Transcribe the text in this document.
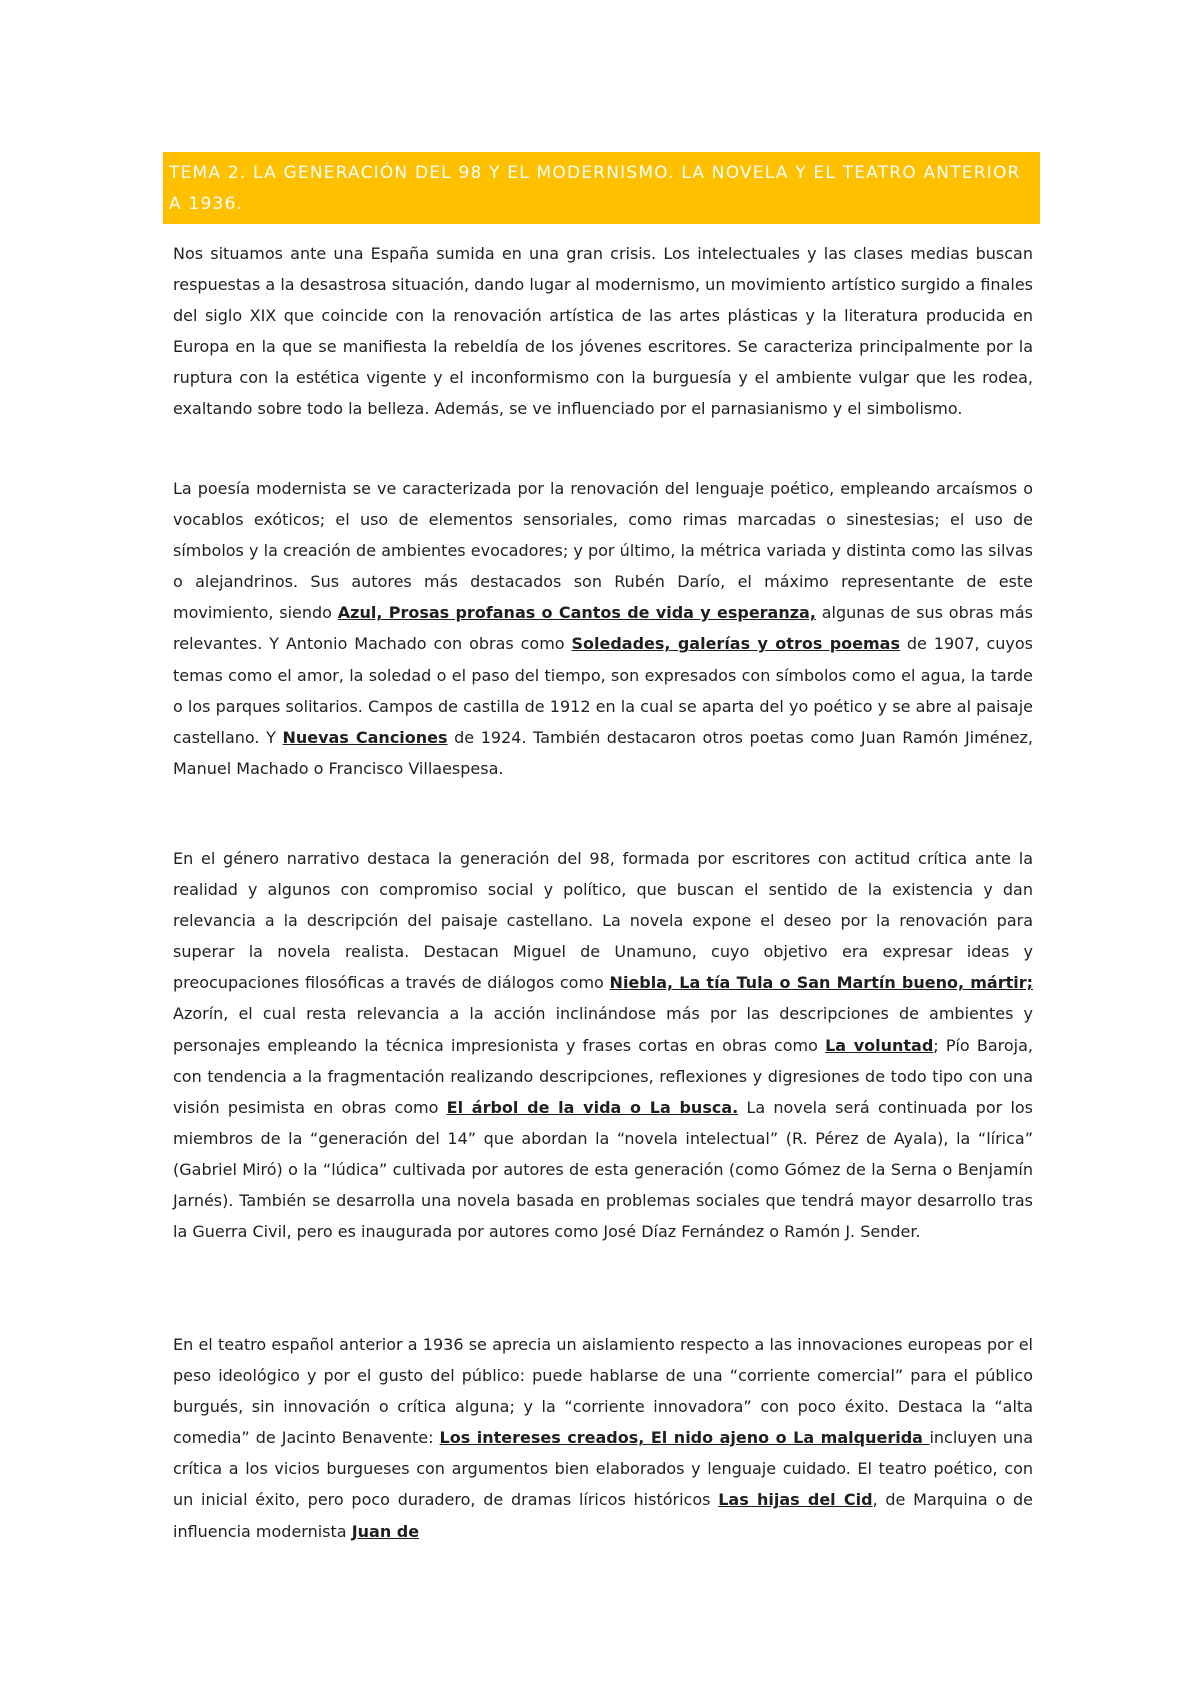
TEMA 2. LA GENERACIÓN DEL 98 Y EL MODERNISMO. LA NOVELA Y EL TEATRO ANTERIOR A 1936.
Nos situamos ante una España sumida en una gran crisis. Los intelectuales y las clases medias buscan respuestas a la desastrosa situación, dando lugar al modernismo, un movimiento artístico surgido a finales del siglo XIX que coincide con la renovación artística de las artes plásticas y la literatura producida en Europa en la que se manifiesta la rebeldía de los jóvenes escritores. Se caracteriza principalmente por la ruptura con la estética vigente y el inconformismo con la burguesía y el ambiente vulgar que les rodea, exaltando sobre todo la belleza. Además, se ve influenciado por el parnasianismo y el simbolismo.
La poesía modernista se ve caracterizada por la renovación del lenguaje poético, empleando arcaísmos o vocablos exóticos; el uso de elementos sensoriales, como rimas marcadas o sinestesias; el uso de símbolos y la creación de ambientes evocadores; y por último, la métrica variada y distinta como las silvas o alejandrinos. Sus autores más destacados son Rubén Darío, el máximo representante de este movimiento, siendo Azul, Prosas profanas o Cantos de vida y esperanza, algunas de sus obras más relevantes. Y Antonio Machado con obras como Soledades, galerías y otros poemas de 1907, cuyos temas como el amor, la soledad o el paso del tiempo, son expresados con símbolos como el agua, la tarde o los parques solitarios. Campos de castilla de 1912 en la cual se aparta del yo poético y se abre al paisaje castellano. Y Nuevas Canciones de 1924. También destacaron otros poetas como Juan Ramón Jiménez, Manuel Machado o Francisco Villaespesa.
En el género narrativo destaca la generación del 98, formada por escritores con actitud crítica ante la realidad y algunos con compromiso social y político, que buscan el sentido de la existencia y dan relevancia a la descripción del paisaje castellano. La novela expone el deseo por la renovación para superar la novela realista. Destacan Miguel de Unamuno, cuyo objetivo era expresar ideas y preocupaciones filosóficas a través de diálogos como Niebla, La tía Tula o San Martín bueno, mártir; Azorín, el cual resta relevancia a la acción inclinándose más por las descripciones de ambientes y personajes empleando la técnica impresionista y frases cortas en obras como La voluntad; Pío Baroja, con tendencia a la fragmentación realizando descripciones, reflexiones y digresiones de todo tipo con una visión pesimista en obras como El árbol de la vida o La busca. La novela será continuada por los miembros de la “generación del 14” que abordan la “novela intelectual” (R. Pérez de Ayala), la “lírica” (Gabriel Miró) o la “lúdica” cultivada por autores de esta generación (como Gómez de la Serna o Benjamín Jarnés). También se desarrolla una novela basada en problemas sociales que tendrá mayor desarrollo tras la Guerra Civil, pero es inaugurada por autores como José Díaz Fernández o Ramón J. Sender.
En el teatro español anterior a 1936 se aprecia un aislamiento respecto a las innovaciones europeas por el peso ideológico y por el gusto del público: puede hablarse de una “corriente comercial” para el público burgués, sin innovación o crítica alguna; y la “corriente innovadora” con poco éxito. Destaca la “alta comedia” de Jacinto Benavente: Los intereses creados, El nido ajeno o La malquerida incluyen una crítica a los vicios burgueses con argumentos bien elaborados y lenguaje cuidado. El teatro poético, con un inicial éxito, pero poco duradero, de dramas líricos históricos Las hijas del Cid, de Marquina o de influencia modernista Juan de
